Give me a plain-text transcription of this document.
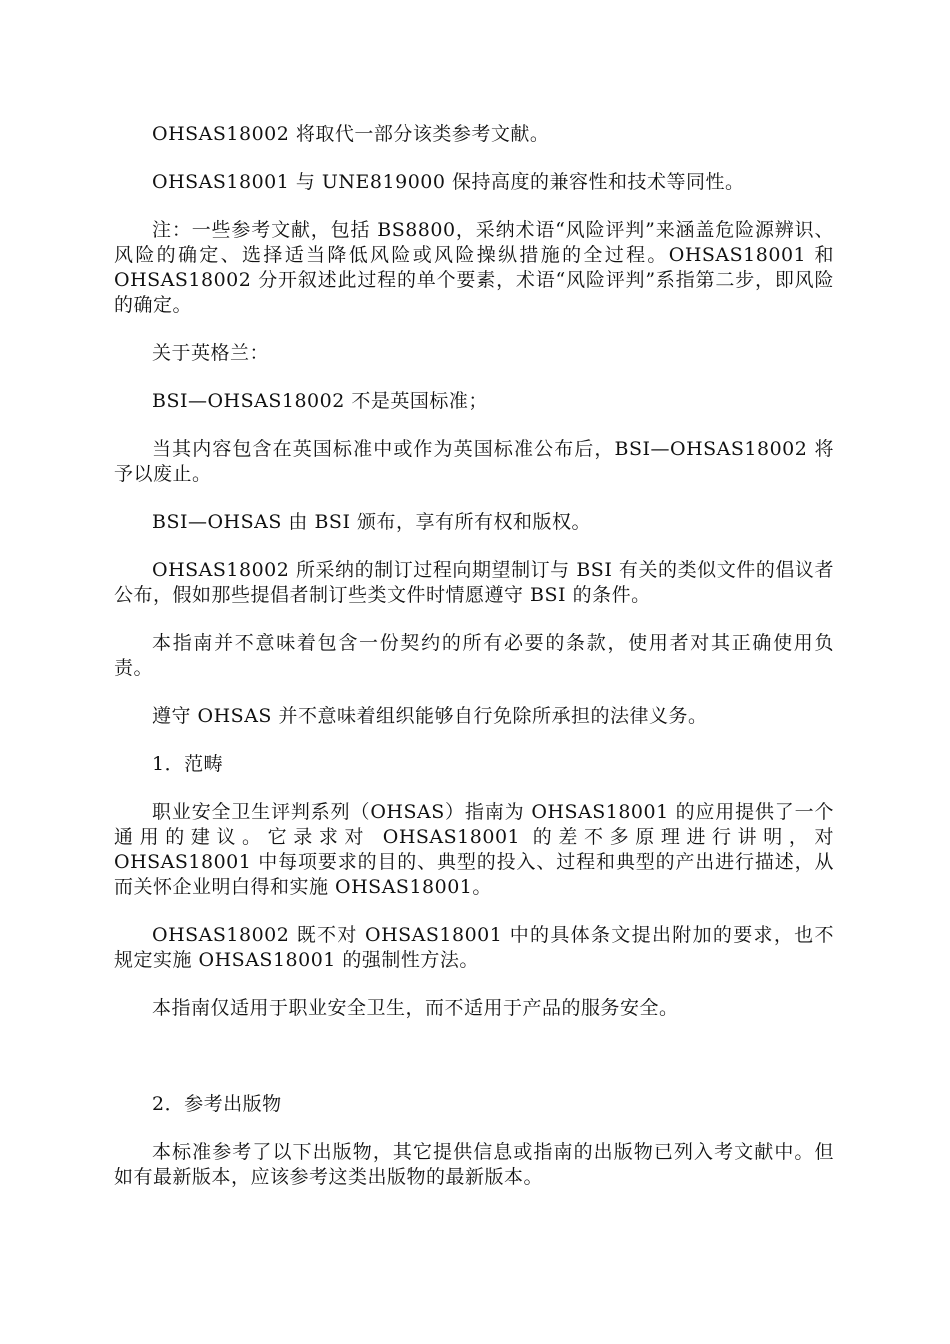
OHSAS18002 将取代一部分该类参考文献。

OHSAS18001 与 UNE819000 保持高度的兼容性和技术等同性。

注：一些参考文献，包括 BS8800，采纳术语“风险评判”来涵盖危险源辨识、风险的确定、选择适当降低风险或风险操纵措施的全过程。OHSAS18001 和 OHSAS18002 分开叙述此过程的单个要素，术语“风险评判”系指第二步，即风险的确定。

关于英格兰：

BSI—OHSAS18002 不是英国标准；

当其内容包含在英国标准中或作为英国标准公布后，BSI—OHSAS18002 将予以废止。

BSI—OHSAS 由 BSI 颁布，享有所有权和版权。

OHSAS18002 所采纳的制订过程向期望制订与 BSI 有关的类似文件的倡议者公布，假如那些提倡者制订些类文件时情愿遵守 BSI 的条件。

本指南并不意味着包含一份契约的所有必要的条款，使用者对其正确使用负责。

遵守 OHSAS 并不意味着组织能够自行免除所承担的法律义务。

1．范畴

职业安全卫生评判系列（OHSAS）指南为 OHSAS18001 的应用提供了一个通用的建议。它录求对 OHSAS18001 的差不多原理进行讲明，对 OHSAS18001 中每项要求的目的、典型的投入、过程和典型的产出进行描述，从而关怀企业明白得和实施 OHSAS18001。

OHSAS18002 既不对 OHSAS18001 中的具体条文提出附加的要求，也不规定实施 OHSAS18001 的强制性方法。

本指南仅适用于职业安全卫生，而不适用于产品的服务安全。

2．参考出版物

本标准参考了以下出版物，其它提供信息或指南的出版物已列入考文献中。但如有最新版本，应该参考这类出版物的最新版本。
